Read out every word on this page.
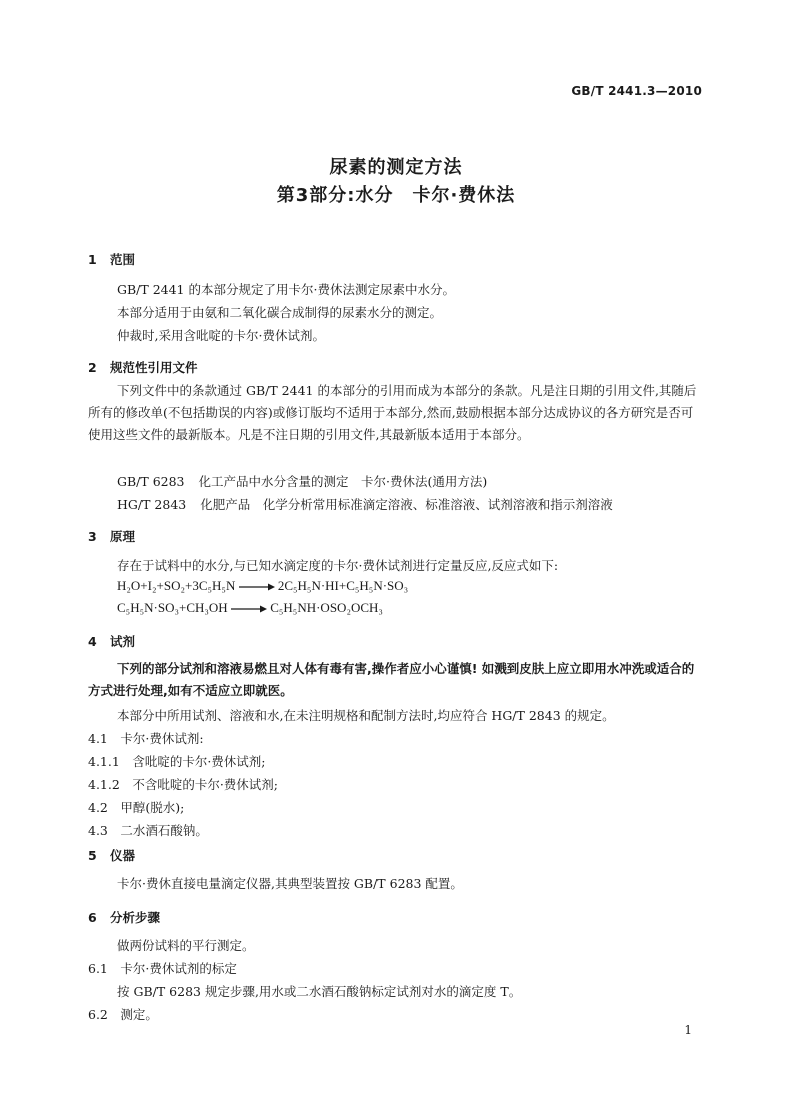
GB/T 2441.3—2010
尿素的测定方法
第3部分:水分　卡尔·费休法
1 范围
GB/T 2441 的本部分规定了用卡尔·费休法测定尿素中水分。
本部分适用于由氨和二氧化碳合成制得的尿素水分的测定。
仲裁时,采用含吡啶的卡尔·费休试剂。
2 规范性引用文件
下列文件中的条款通过 GB/T 2441 的本部分的引用而成为本部分的条款。凡是注日期的引用文件,其随后所有的修改单(不包括勘误的内容)或修订版均不适用于本部分,然而,鼓励根据本部分达成协议的各方研究是否可使用这些文件的最新版本。凡是不注日期的引用文件,其最新版本适用于本部分。
GB/T 6283 化工产品中水分含量的测定　卡尔·费休法(通用方法)
HG/T 2843 化肥产品　化学分析常用标准滴定溶液、标准溶液、试剂溶液和指示剂溶液
3 原理
存在于试料中的水分,与已知水滴定度的卡尔·费休试剂进行定量反应,反应式如下:
H₂O+I₂+SO₂+3C₅H₅N → 2C₅H₅N·HI+C₅H₅N·SO₃
C₅H₅N·SO₃+CH₃OH → C₅H₅NH·OSO₂OCH₃
4 试剂
下列的部分试剂和溶液易燃且对人体有毒有害,操作者应小心谨慎! 如溅到皮肤上应立即用水冲洗或适合的方式进行处理,如有不适应立即就医。
本部分中所用试剂、溶液和水,在未注明规格和配制方法时,均应符合 HG/T 2843 的规定。
4.1　 卡尔·费休试剂:
4.1.1　 含吡啶的卡尔·费休试剂;
4.1.2　 不含吡啶的卡尔·费休试剂;
4.2　 甲醇(脱水);
4.3　 二水酒石酸钠。
5 仪器
卡尔·费休直接电量滴定仪器,其典型装置按 GB/T 6283 配置。
6 分析步骤
做两份试料的平行测定。
6.1　 卡尔·费休试剂的标定
按 GB/T 6283 规定步骤,用水或二水酒石酸钠标定试剂对水的滴定度 T。
6.2　 测定。
1
